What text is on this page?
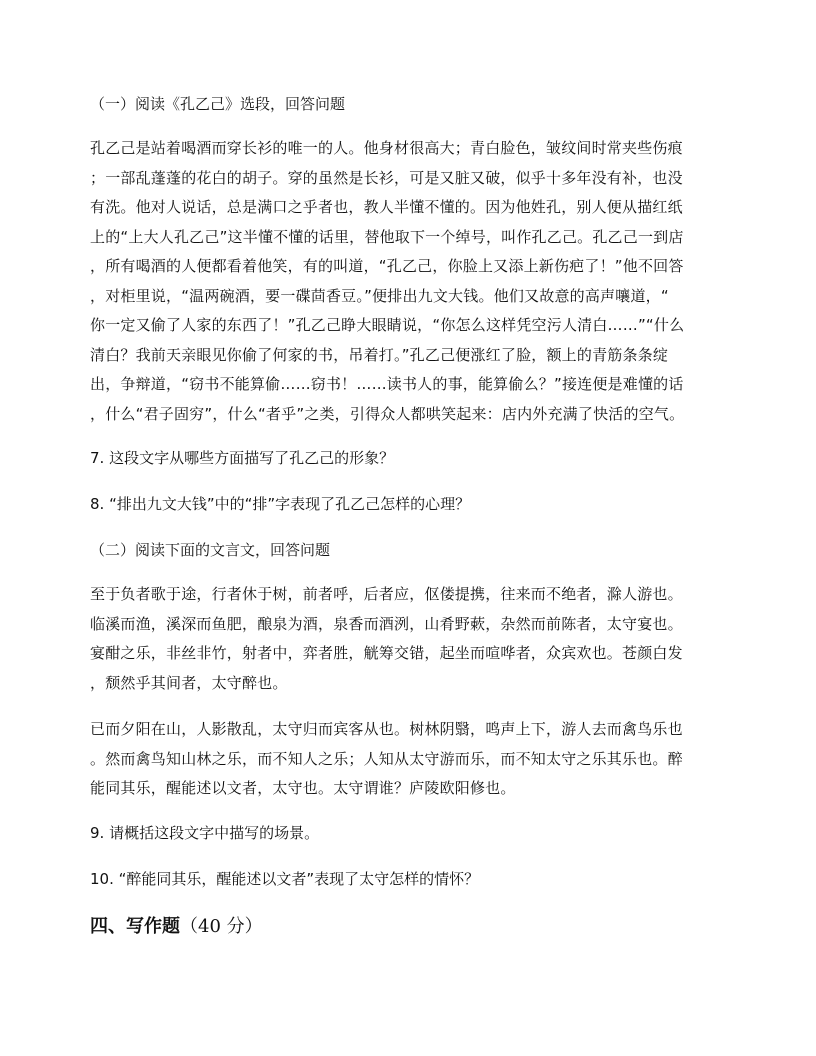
（一）阅读《孔乙己》选段，回答问题
孔乙己是站着喝酒而穿长衫的唯一的人。他身材很高大；青白脸色，皱纹间时常夹些伤痕
；一部乱蓬蓬的花白的胡子。穿的虽然是长衫，可是又脏又破，似乎十多年没有补，也没
有洗。他对人说话，总是满口之乎者也，教人半懂不懂的。因为他姓孔，别人便从描红纸
上的“上大人孔乙己”这半懂不懂的话里，替他取下一个绰号，叫作孔乙己。孔乙己一到店
，所有喝酒的人便都看着他笑，有的叫道，“孔乙己，你脸上又添上新伤疤了！”他不回答
，对柜里说，“温两碗酒，要一碟茴香豆。”便排出九文大钱。他们又故意的高声嚷道，“
你一定又偷了人家的东西了！”孔乙己睁大眼睛说，“你怎么这样凭空污人清白……”“什么
清白？我前天亲眼见你偷了何家的书，吊着打。”孔乙己便涨红了脸，额上的青筋条条绽
出，争辩道，“窃书不能算偷……窃书！……读书人的事，能算偷么？”接连便是难懂的话
，什么“君子固穷”，什么“者乎”之类，引得众人都哄笑起来：店内外充满了快活的空气。
7. 这段文字从哪些方面描写了孔乙己的形象？
8. “排出九文大钱”中的“排”字表现了孔乙己怎样的心理？
（二）阅读下面的文言文，回答问题
至于负者歌于途，行者休于树，前者呼，后者应，伛偻提携，往来而不绝者，滁人游也。
临溪而渔，溪深而鱼肥，酿泉为酒，泉香而酒洌，山肴野蔌，杂然而前陈者，太守宴也。
宴酣之乐，非丝非竹，射者中，弈者胜，觥筹交错，起坐而喧哗者，众宾欢也。苍颜白发
，颓然乎其间者，太守醉也。
已而夕阳在山，人影散乱，太守归而宾客从也。树林阴翳，鸣声上下，游人去而禽鸟乐也
。然而禽鸟知山林之乐，而不知人之乐；人知从太守游而乐，而不知太守之乐其乐也。醉
能同其乐，醒能述以文者，太守也。太守谓谁？庐陵欧阳修也。
9. 请概括这段文字中描写的场景。
10. “醉能同其乐，醒能述以文者”表现了太守怎样的情怀？
四、写作题（40 分）
